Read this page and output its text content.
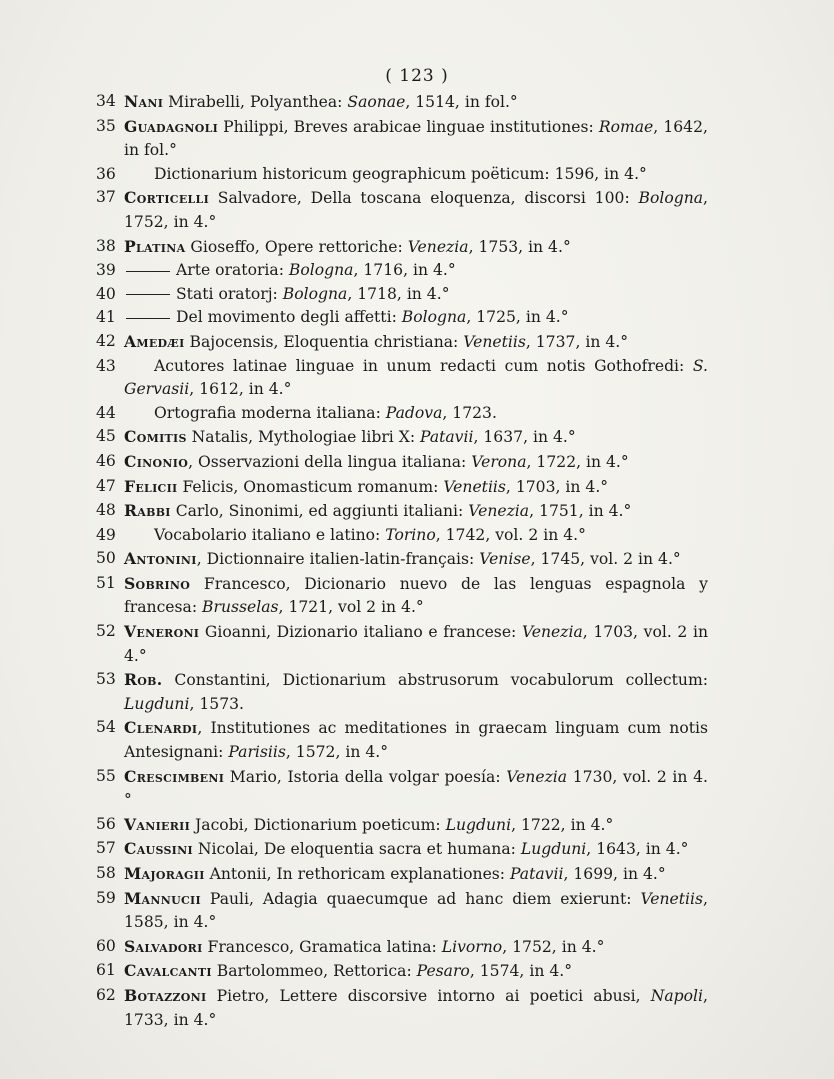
( 123 )
34 Nani Mirabelli, Polyanthea: Saonae, 1514, in fol.°
35 Guadagnoli Philippi, Breves arabicae linguae institutiones: Romae, 1642, in fol.°
36	Dictionarium historicum geographicum poëticum: 1596, in 4.°
37 Corticelli Salvadore, Della toscana eloquenza, discorsi 100: Bologna, 1752, in 4.°
38 Platina Gioseffo, Opere rettoriche: Venezia, 1753, in 4.°
39	Arte oratoria: Bologna, 1716, in 4.°
40	Stati oratorj: Bologna, 1718, in 4.°
41	Del movimento degli affetti: Bologna, 1725, in 4.°
42 Amedæi Bajocensis, Eloquentia christiana: Venetiis, 1737, in 4.°
43	Acutores latinae linguae in unum redacti cum notis Gothofredi: S. Gervasii, 1612, in 4.°
44	Ortografia moderna italiana: Padova, 1723.
45 Comitis Natalis, Mythologiae libri X: Patavii, 1637, in 4.°
46 Cinonio, Osservazioni della lingua italiana: Verona, 1722, in 4.°
47 Felicii Felicis, Onomasticum romanum: Venetiis, 1703, in 4.°
48 Rabbi Carlo, Sinonimi, ed aggiunti italiani: Venezia, 1751, in 4.°
49	Vocabolario italiano e latino: Torino, 1742, vol. 2 in 4.°
50 Antonini, Dictionnaire italien-latin-français: Venise, 1745, vol. 2 in 4.°
51 Sobrino Francesco, Dicionario nuevo de las lenguas espagnola y francesa: Brusselas, 1721, vol 2 in 4.°
52 Veneroni Gioanni, Dizionario italiano e francese: Venezia, 1703, vol. 2 in 4.°
53 Rob. Constantini, Dictionarium abstrusorum vocabulorum collectum: Lugduni, 1573.
54 Clenardi, Institutiones ac meditationes in graecam linguam cum notis Antesignani: Parisiis, 1572, in 4.°
55 Crescimbeni Mario, Istoria della volgar poesía: Venezia 1730, vol. 2 in 4.°
56 Vanierii Jacobi, Dictionarium poeticum: Lugduni, 1722, in 4.°
57 Caussini Nicolai, De eloquentia sacra et humana: Lugduni, 1643, in 4.°
58 Majoragii Antonii, In rethoricam explanationes: Patavii, 1699, in 4.°
59 Mannucii Pauli, Adagia quaecumque ad hanc diem exierunt: Venetiis, 1585, in 4.°
60 Salvadori Francesco, Gramatica latina: Livorno, 1752, in 4.°
61 Cavalcanti Bartolommeo, Rettorica: Pesaro, 1574, in 4.°
62 Botazzoni Pietro, Lettere discorsive intorno ai poetici abusi, Napoli, 1733, in 4.°
